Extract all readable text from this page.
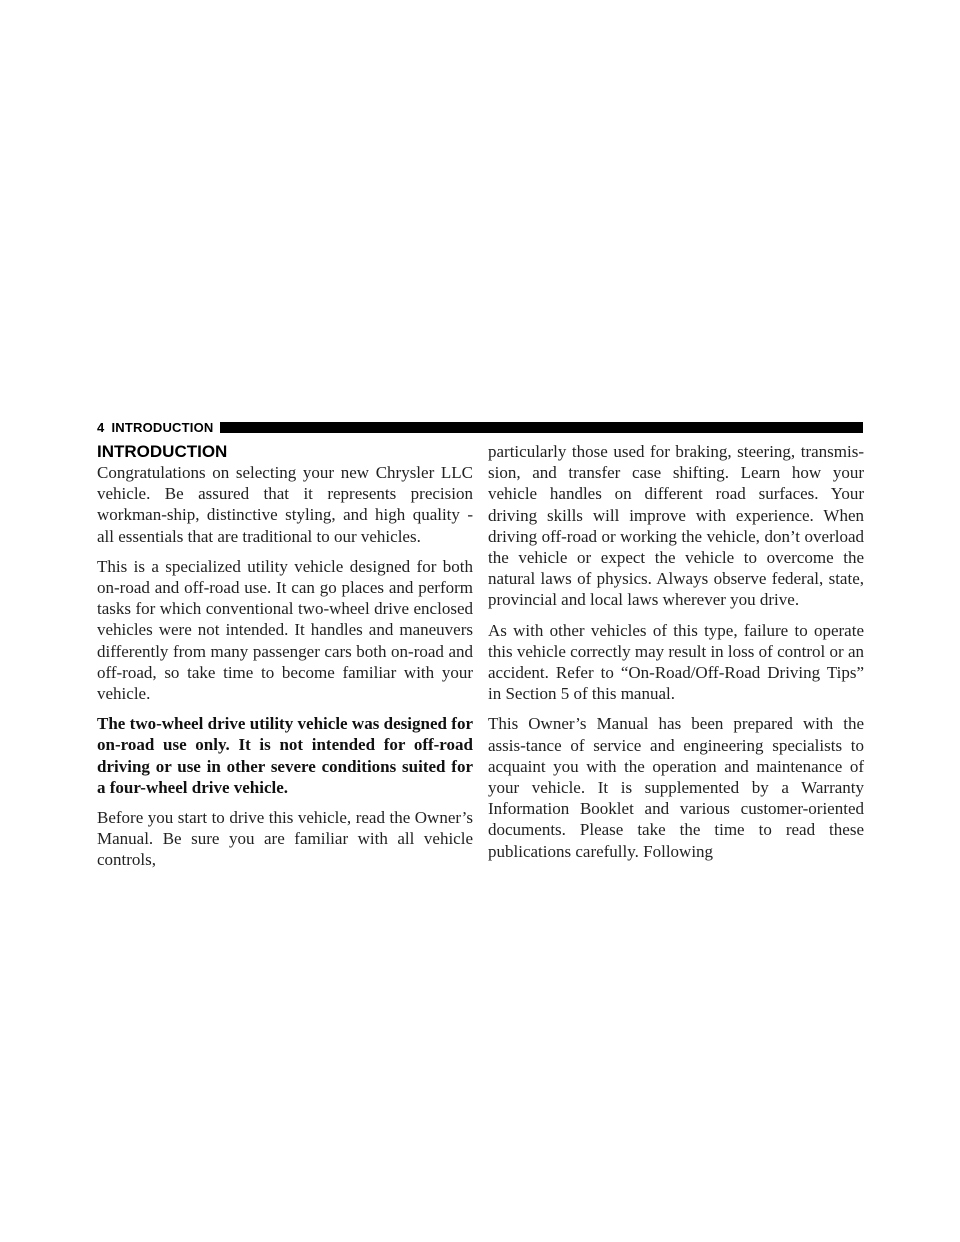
4 INTRODUCTION
INTRODUCTION

Congratulations on selecting your new Chrysler LLC vehicle. Be assured that it represents precision workman-ship, distinctive styling, and high quality - all essentials that are traditional to our vehicles.

This is a specialized utility vehicle designed for both on-road and off-road use. It can go places and perform tasks for which conventional two-wheel drive enclosed vehicles were not intended. It handles and maneuvers differently from many passenger cars both on-road and off-road, so take time to become familiar with your vehicle.

The two-wheel drive utility vehicle was designed for on-road use only. It is not intended for off-road driving or use in other severe conditions suited for a four-wheel drive vehicle.

Before you start to drive this vehicle, read the Owner’s Manual. Be sure you are familiar with all vehicle controls,

particularly those used for braking, steering, transmis-sion, and transfer case shifting. Learn how your vehicle handles on different road surfaces. Your driving skills will improve with experience. When driving off-road or working the vehicle, don’t overload the vehicle or expect the vehicle to overcome the natural laws of physics. Always observe federal, state, provincial and local laws wherever you drive.

As with other vehicles of this type, failure to operate this vehicle correctly may result in loss of control or an accident. Refer to “On-Road/Off-Road Driving Tips” in Section 5 of this manual.

This Owner’s Manual has been prepared with the assis-tance of service and engineering specialists to acquaint you with the operation and maintenance of your vehicle. It is supplemented by a Warranty Information Booklet and various customer-oriented documents. Please take the time to read these publications carefully. Following
